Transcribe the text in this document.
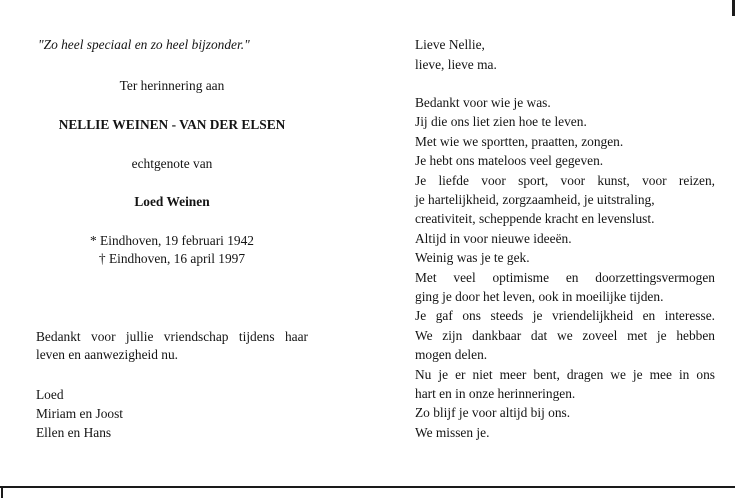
"Zo heel speciaal en zo heel bijzonder."
Ter herinnering aan
NELLIE WEINEN - VAN DER ELSEN
echtgenote van
Loed Weinen
* Eindhoven, 19 februari 1942
† Eindhoven, 16 april 1997
Bedankt voor jullie vriendschap tijdens haar
leven en aanwezigheid nu.
Loed
Miriam en Joost
Ellen en Hans
Lieve Nellie,
lieve, lieve ma.
Bedankt voor wie je was.
Jij die ons liet zien hoe te leven.
Met wie we sportten, praatten, zongen.
Je hebt ons mateloos veel gegeven.
Je liefde voor sport, voor kunst, voor reizen,
je hartelijkheid, zorgzaamheid, je uitstraling,
creativiteit, scheppende kracht en levenslust.
Altijd in voor nieuwe ideeën.
Weinig was je te gek.
Met veel optimisme en doorzettingsvermogen
ging je door het leven, ook in moeilijke tijden.
Je gaf ons steeds je vriendelijkheid en interesse.
We zijn dankbaar dat we zoveel met je hebben
mogen delen.
Nu je er niet meer bent, dragen we je mee in ons
hart en in onze herinneringen.
Zo blijf je voor altijd bij ons.
We missen je.
